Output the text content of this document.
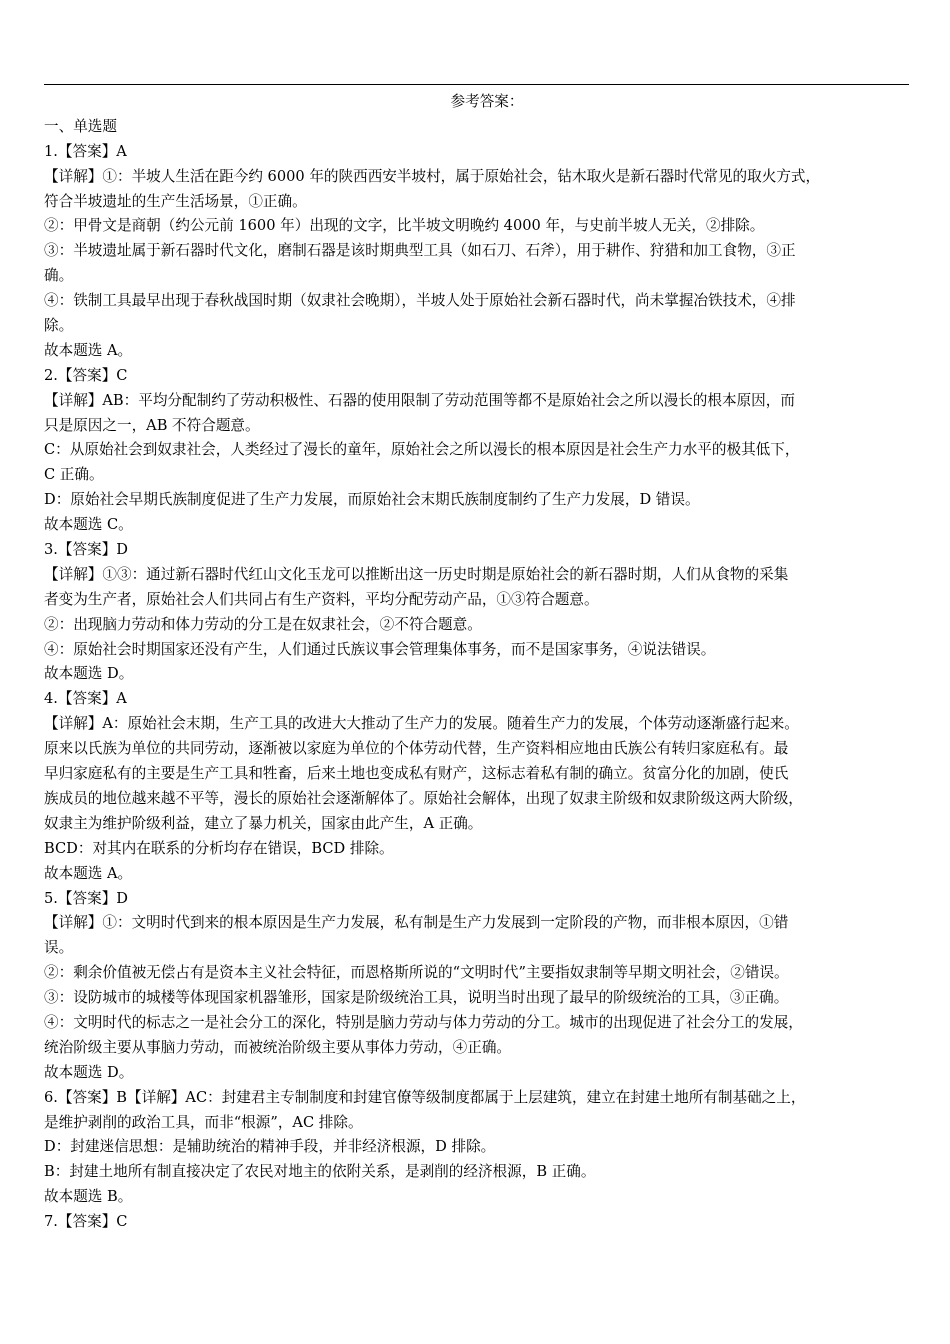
参考答案：
一、单选题
1.【答案】A
【详解】①：半坡人生活在距今约 6000 年的陕西西安半坡村，属于原始社会，钻木取火是新石器时代常见的取火方式，
符合半坡遗址的生产生活场景，①正确。
②：甲骨文是商朝（约公元前 1600 年）出现的文字，比半坡文明晚约 4000 年，与史前半坡人无关，②排除。
③：半坡遗址属于新石器时代文化，磨制石器是该时期典型工具（如石刀、石斧），用于耕作、狩猎和加工食物，③正
确。
④：铁制工具最早出现于春秋战国时期（奴隶社会晚期），半坡人处于原始社会新石器时代，尚未掌握冶铁技术，④排
除。
故本题选 A。
2.【答案】C
【详解】AB：平均分配制约了劳动积极性、石器的使用限制了劳动范围等都不是原始社会之所以漫长的根本原因，而
只是原因之一，AB 不符合题意。
C：从原始社会到奴隶社会，人类经过了漫长的童年，原始社会之所以漫长的根本原因是社会生产力水平的极其低下，
C 正确。
D：原始社会早期氏族制度促进了生产力发展，而原始社会末期氏族制度制约了生产力发展，D 错误。
故本题选 C。
3.【答案】D
【详解】①③：通过新石器时代红山文化玉龙可以推断出这一历史时期是原始社会的新石器时期，人们从食物的采集
者变为生产者，原始社会人们共同占有生产资料，平均分配劳动产品，①③符合题意。
②：出现脑力劳动和体力劳动的分工是在奴隶社会，②不符合题意。
④：原始社会时期国家还没有产生，人们通过氏族议事会管理集体事务，而不是国家事务，④说法错误。
故本题选 D。
4.【答案】A
【详解】A：原始社会末期，生产工具的改进大大推动了生产力的发展。随着生产力的发展，个体劳动逐渐盛行起来。
原来以氏族为单位的共同劳动，逐渐被以家庭为单位的个体劳动代替，生产资料相应地由氏族公有转归家庭私有。最
早归家庭私有的主要是生产工具和牲畜，后来土地也变成私有财产，这标志着私有制的确立。贫富分化的加剧，使氏
族成员的地位越来越不平等，漫长的原始社会逐渐解体了。原始社会解体，出现了奴隶主阶级和奴隶阶级这两大阶级，
奴隶主为维护阶级利益，建立了暴力机关，国家由此产生，A 正确。
BCD：对其内在联系的分析均存在错误，BCD 排除。
故本题选 A。
5.【答案】D
【详解】①：文明时代到来的根本原因是生产力发展，私有制是生产力发展到一定阶段的产物，而非根本原因，①错
误。
②：剩余价值被无偿占有是资本主义社会特征，而恩格斯所说的“文明时代”主要指奴隶制等早期文明社会，②错误。
③：设防城市的城楼等体现国家机器雏形，国家是阶级统治工具，说明当时出现了最早的阶级统治的工具，③正确。
④：文明时代的标志之一是社会分工的深化，特别是脑力劳动与体力劳动的分工。城市的出现促进了社会分工的发展，
统治阶级主要从事脑力劳动，而被统治阶级主要从事体力劳动，④正确。
故本题选 D。
6.【答案】B【详解】AC：封建君主专制制度和封建官僚等级制度都属于上层建筑，建立在封建土地所有制基础之上，
是维护剥削的政治工具，而非“根源”，AC 排除。
D：封建迷信思想：是辅助统治的精神手段，并非经济根源，D 排除。
B：封建土地所有制直接决定了农民对地主的依附关系，是剥削的经济根源，B 正确。
故本题选 B。
7.【答案】C
